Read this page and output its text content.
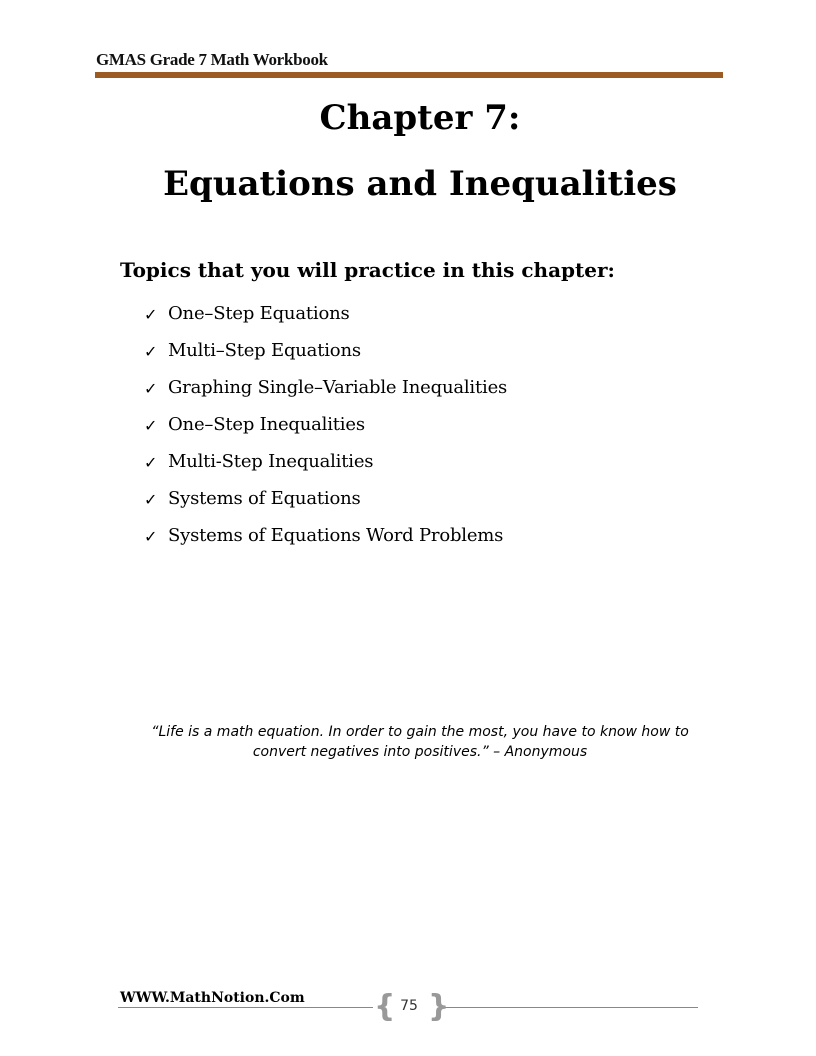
GMAS Grade 7 Math Workbook
Chapter 7:
Equations and Inequalities
Topics that you will practice in this chapter:
✓ One–Step Equations
✓ Multi–Step Equations
✓ Graphing Single–Variable Inequalities
✓ One–Step Inequalities
✓ Multi-Step Inequalities
✓ Systems of Equations
✓ Systems of Equations Word Problems
“Life is a math equation. In order to gain the most, you have to know how to
convert negatives into positives.” – Anonymous
WWW.MathNotion.Com { 75 }
